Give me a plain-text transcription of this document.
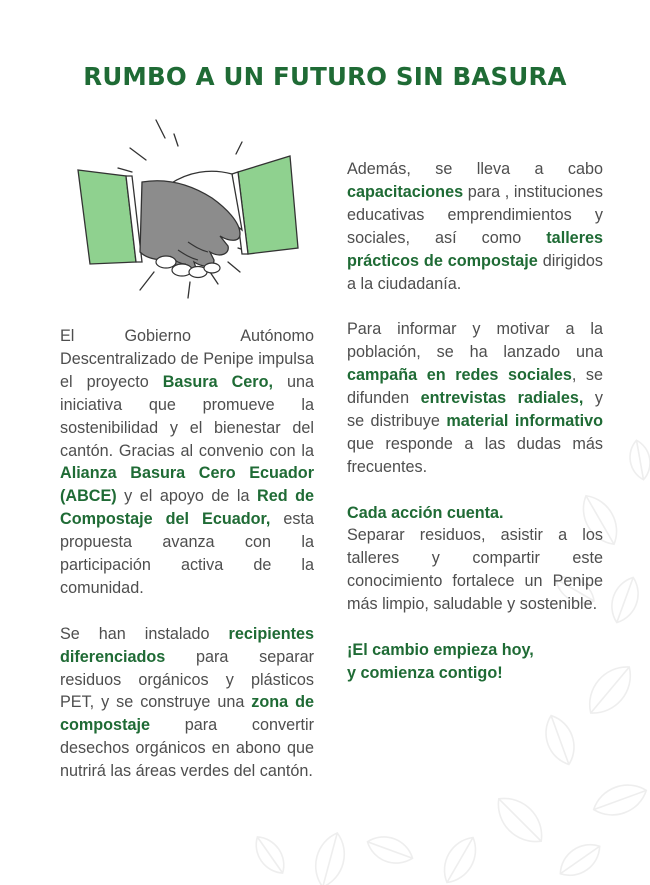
RUMBO A UN FUTURO SIN BASURA

El Gobierno Autónomo Descentralizado de Penipe impulsa el proyecto Basura Cero, una iniciativa que promueve la sostenibilidad y el bienestar del cantón. Gracias al convenio con la Alianza Basura Cero Ecuador (ABCE) y el apoyo de la Red de Compostaje del Ecuador, esta propuesta avanza con la participación activa de la comunidad.

Se han instalado recipientes diferenciados para separar residuos orgánicos y plásticos PET, y se construye una zona de compostaje para convertir desechos orgánicos en abono que nutrirá las áreas verdes del cantón.

Además, se lleva a cabo capacitaciones para , instituciones educativas emprendimientos y sociales, así como talleres prácticos de compostaje dirigidos a la ciudadanía.

Para informar y motivar a la población, se ha lanzado una campaña en redes sociales, se difunden entrevistas radiales, y se distribuye material informativo que responde a las dudas más frecuentes.

Cada acción cuenta.
Separar residuos, asistir a los talleres y compartir este conocimiento fortalece un Penipe más limpio, saludable y sostenible.

¡El cambio empieza hoy,
y comienza contigo!
